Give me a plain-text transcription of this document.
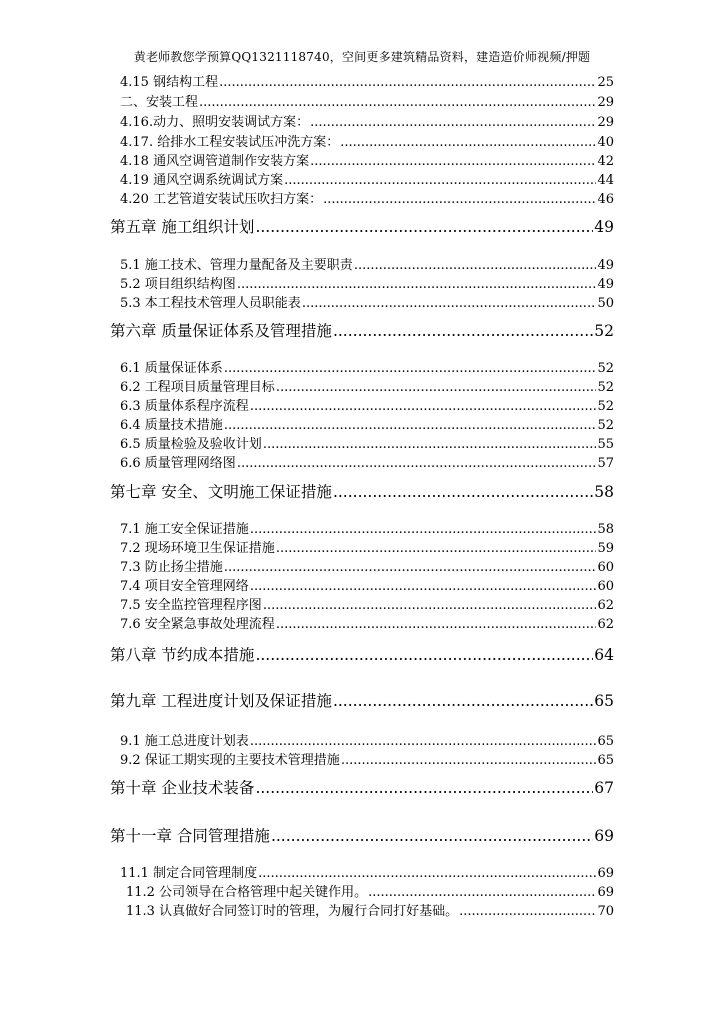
黄老师教您学预算QQ1321118740，空间更多建筑精品资料，建造造价师视频/押题
4.15 钢结构工程 .....	25
二、安装工程 .....	29
4.16.动力、照明安装调试方案： .....	29
4.17. 给排水工程安装试压冲洗方案： .....	40
4.18 通风空调管道制作安装方案 .....	42
4.19 通风空调系统调试方案 .....	44
4.20 工艺管道安装试压吹扫方案： .....	46
第五章 施工组织计划 .....	49
5.1 施工技术、管理力量配备及主要职责 .....	49
5.2 项目组织结构图 .....	49
5.3 本工程技术管理人员职能表 .....	50
第六章 质量保证体系及管理措施 .....	52
6.1 质量保证体系 .....	52
6.2 工程项目质量管理目标 .....	52
6.3 质量体系程序流程 .....	52
6.4 质量技术措施 .....	52
6.5 质量检验及验收计划 .....	55
6.6 质量管理网络图 .....	57
第七章 安全、文明施工保证措施 .....	58
7.1 施工安全保证措施 .....	58
7.2 现场环境卫生保证措施 .....	59
7.3 防止扬尘措施 .....	60
7.4 项目安全管理网络 .....	60
7.5 安全监控管理程序图 .....	62
7.6 安全紧急事故处理流程 .....	62
第八章 节约成本措施 .....	64
第九章 工程进度计划及保证措施 .....	65
9.1 施工总进度计划表 .....	65
9.2 保证工期实现的主要技术管理措施 .....	65
第十章 企业技术装备 .....	67
第十一章 合同管理措施 .....	69
11.1 制定合同管理制度 .....	69
11.2 公司领导在合格管理中起关键作用。 .....	69
11.3 认真做好合同签订时的管理，为履行合同打好基础。 .....	70
